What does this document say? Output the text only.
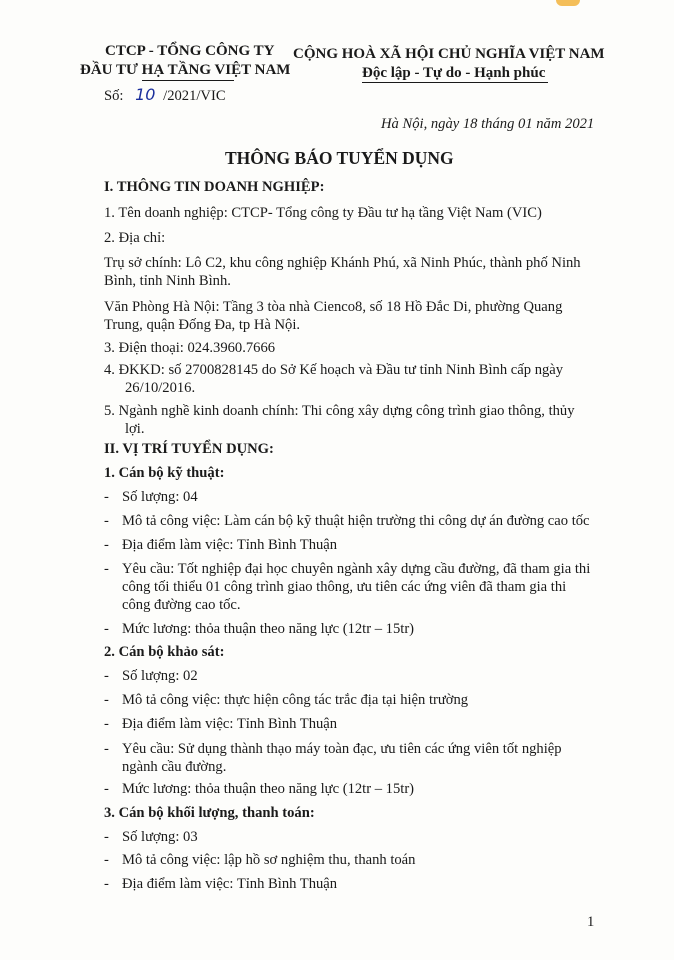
CTCP - TỔNG CÔNG TY
ĐẦU TƯ HẠ TẦNG VIỆT NAM
Số: 10 /2021/VIC
CỘNG HOÀ XÃ HỘI CHỦ NGHĨA VIỆT NAM
Độc lập - Tự do - Hạnh phúc
Hà Nội, ngày 18 tháng 01 năm 2021
THÔNG BÁO TUYỂN DỤNG
I. THÔNG TIN DOANH NGHIỆP:
1. Tên doanh nghiệp: CTCP- Tổng công ty Đầu tư hạ tầng Việt Nam (VIC)
2. Địa chỉ:
Trụ sở chính: Lô C2, khu công nghiệp Khánh Phú, xã Ninh Phúc, thành phố Ninh
Bình, tỉnh Ninh Bình.
Văn Phòng Hà Nội: Tầng 3 tòa nhà Cienco8, số 18 Hồ Đắc Di, phường Quang
Trung, quận Đống Đa, tp Hà Nội.
3. Điện thoại: 024.3960.7666
4. ĐKKD: số 2700828145 do Sở Kế hoạch và Đầu tư tỉnh Ninh Bình cấp ngày
26/10/2016.
5. Ngành nghề kinh doanh chính: Thi công xây dựng công trình giao thông, thủy
lợi.
II. VỊ TRÍ TUYỂN DỤNG:
1. Cán bộ kỹ thuật:
- Số lượng: 04
- Mô tả công việc: Làm cán bộ kỹ thuật hiện trường thi công dự án đường cao tốc
- Địa điểm làm việc: Tỉnh Bình Thuận
- Yêu cầu: Tốt nghiệp đại học chuyên ngành xây dựng cầu đường, đã tham gia thi
công tối thiểu 01 công trình giao thông, ưu tiên các ứng viên đã tham gia thi
công đường cao tốc.
- Mức lương: thỏa thuận theo năng lực (12tr – 15tr)
2. Cán bộ khảo sát:
- Số lượng: 02
- Mô tả công việc: thực hiện công tác trắc địa tại hiện trường
- Địa điểm làm việc: Tỉnh Bình Thuận
- Yêu cầu: Sử dụng thành thạo máy toàn đạc, ưu tiên các ứng viên tốt nghiệp
ngành cầu đường.
- Mức lương: thỏa thuận theo năng lực (12tr – 15tr)
3. Cán bộ khối lượng, thanh toán:
- Số lượng: 03
- Mô tả công việc: lập hồ sơ nghiệm thu, thanh toán
- Địa điểm làm việc: Tỉnh Bình Thuận
1
